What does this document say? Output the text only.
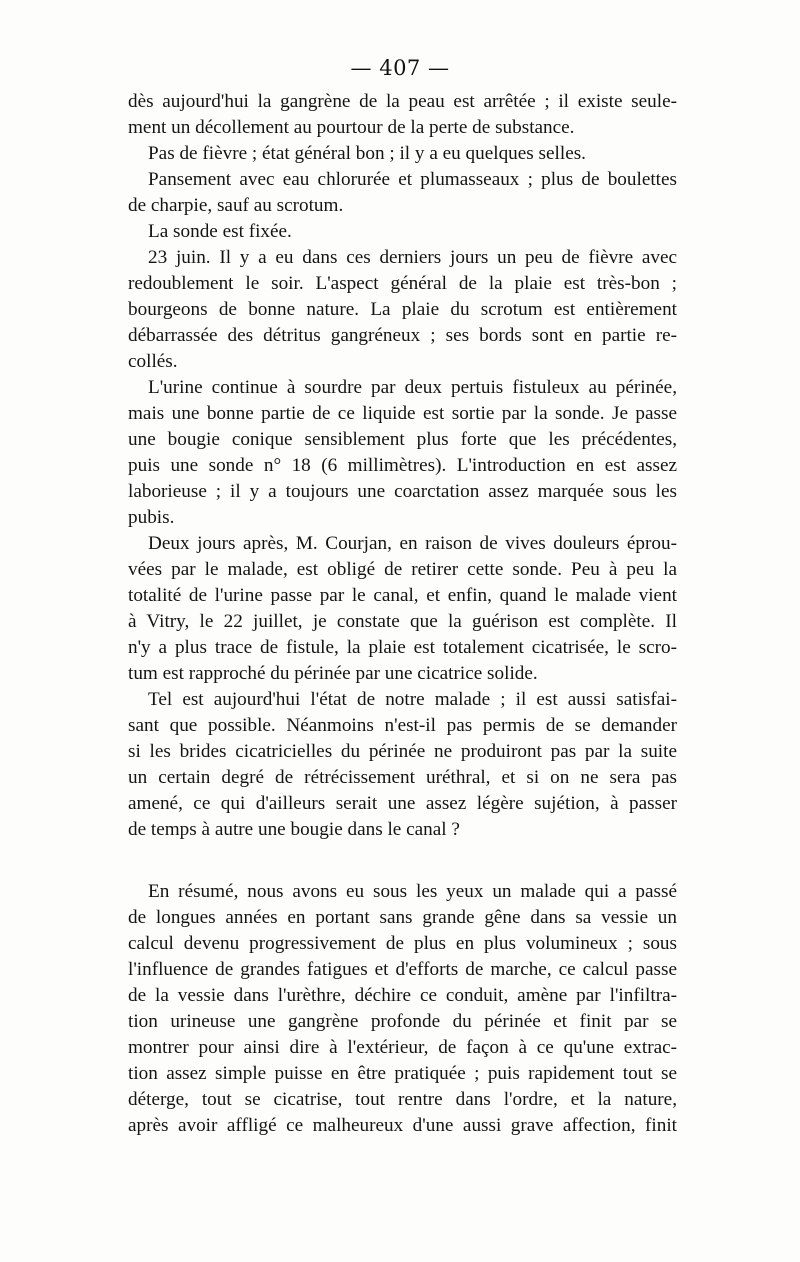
— 407 —
dès aujourd'hui la gangrène de la peau est arrêtée ; il existe seule-
ment un décollement au pourtour de la perte de substance.
Pas de fièvre ; état général bon ; il y a eu quelques selles.
Pansement avec eau chlorurée et plumasseaux ; plus de boulettes
de charpie, sauf au scrotum.
La sonde est fixée.
23 juin. Il y a eu dans ces derniers jours un peu de fièvre avec
redoublement le soir. L'aspect général de la plaie est très-bon ;
bourgeons de bonne nature. La plaie du scrotum est entièrement
débarrassée des détritus gangréneux ; ses bords sont en partie re-
collés.
L'urine continue à sourdre par deux pertuis fistuleux au périnée,
mais une bonne partie de ce liquide est sortie par la sonde. Je passe
une bougie conique sensiblement plus forte que les précédentes,
puis une sonde n° 18 (6 millimètres). L'introduction en est assez
laborieuse ; il y a toujours une coarctation assez marquée sous les
pubis.
Deux jours après, M. Courjan, en raison de vives douleurs éprou-
vées par le malade, est obligé de retirer cette sonde. Peu à peu la
totalité de l'urine passe par le canal, et enfin, quand le malade vient
à Vitry, le 22 juillet, je constate que la guérison est complète. Il
n'y a plus trace de fistule, la plaie est totalement cicatrisée, le scro-
tum est rapproché du périnée par une cicatrice solide.
Tel est aujourd'hui l'état de notre malade ; il est aussi satisfai-
sant que possible. Néanmoins n'est-il pas permis de se demander
si les brides cicatricielles du périnée ne produiront pas par la suite
un certain degré de rétrécissement uréthral, et si on ne sera pas
amené, ce qui d'ailleurs serait une assez légère sujétion, à passer
de temps à autre une bougie dans le canal ?
En résumé, nous avons eu sous les yeux un malade qui a passé
de longues années en portant sans grande gêne dans sa vessie un
calcul devenu progressivement de plus en plus volumineux ; sous
l'influence de grandes fatigues et d'efforts de marche, ce calcul passe
de la vessie dans l'urèthre, déchire ce conduit, amène par l'infiltra-
tion urineuse une gangrène profonde du périnée et finit par se
montrer pour ainsi dire à l'extérieur, de façon à ce qu'une extrac-
tion assez simple puisse en être pratiquée ; puis rapidement tout se
déterge, tout se cicatrise, tout rentre dans l'ordre, et la nature,
après avoir affligé ce malheureux d'une aussi grave affection, finit
